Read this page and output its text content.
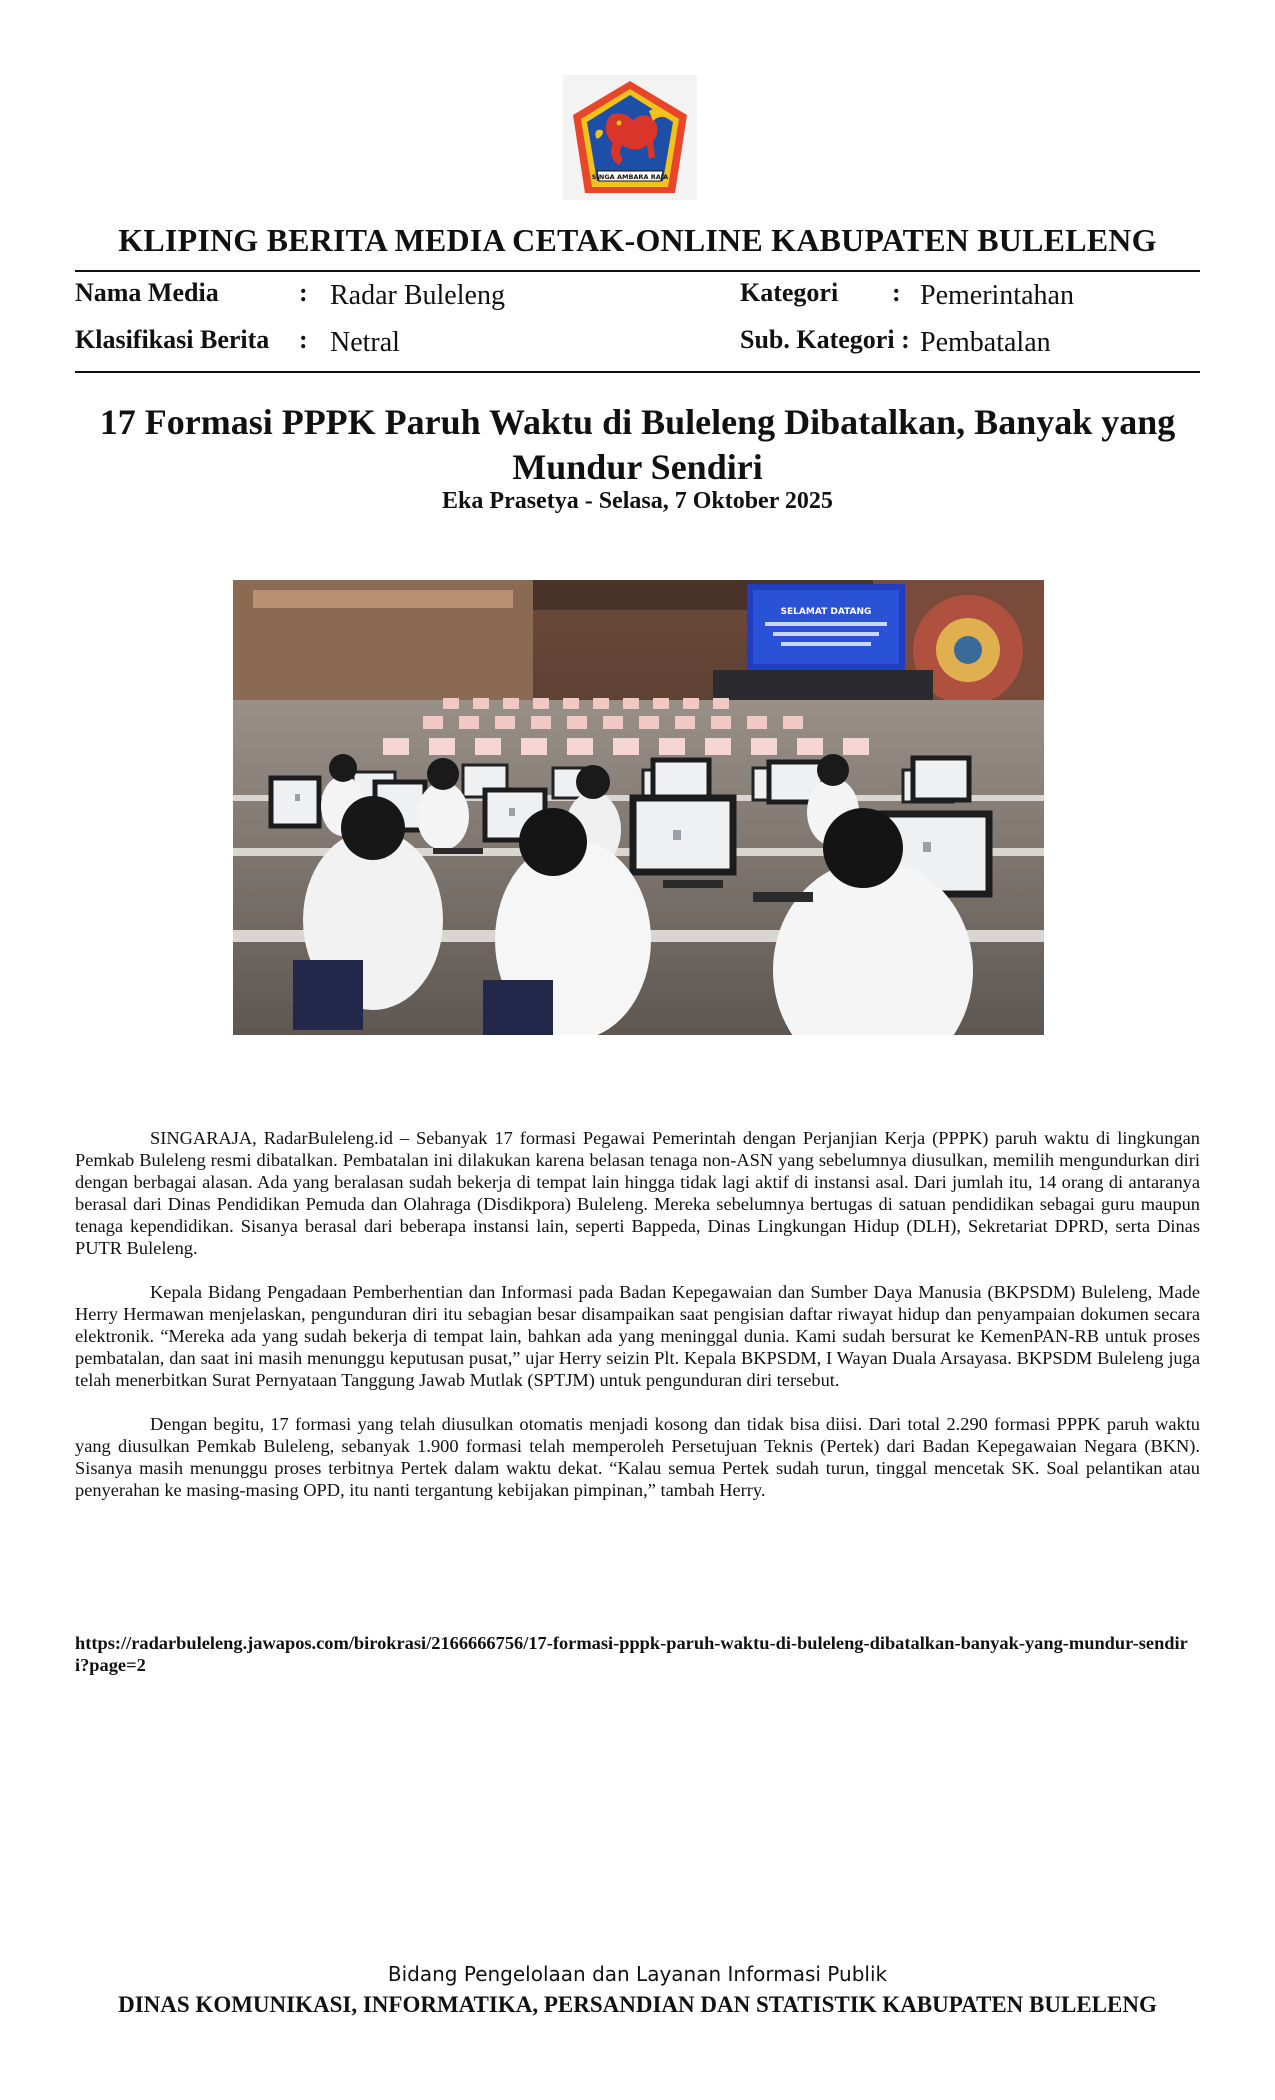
SINGA AMBARA RAJA
KLIPING BERITA MEDIA CETAK-ONLINE KABUPATEN BULELENG
Nama Media	: Radar Buleleng	Kategori : Pemerintahan
Klasifikasi Berita : Netral	Sub. Kategori : Pembatalan
17 Formasi PPPK Paruh Waktu di Buleleng Dibatalkan, Banyak yang Mundur Sendiri
Eka Prasetya - Selasa, 7 Oktober 2025
SELAMAT DATANG

SINGARAJA, RadarBuleleng.id – Sebanyak 17 formasi Pegawai Pemerintah dengan Perjanjian Kerja (PPPK) paruh waktu di lingkungan Pemkab Buleleng resmi dibatalkan. Pembatalan ini dilakukan karena belasan tenaga non-ASN yang sebelumnya diusulkan, memilih mengundurkan diri dengan berbagai alasan. Ada yang beralasan sudah bekerja di tempat lain hingga tidak lagi aktif di instansi asal. Dari jumlah itu, 14 orang di antaranya berasal dari Dinas Pendidikan Pemuda dan Olahraga (Disdikpora) Buleleng. Mereka sebelumnya bertugas di satuan pendidikan sebagai guru maupun tenaga kependidikan. Sisanya berasal dari beberapa instansi lain, seperti Bappeda, Dinas Lingkungan Hidup (DLH), Sekretariat DPRD, serta Dinas PUTR Buleleng.

Kepala Bidang Pengadaan Pemberhentian dan Informasi pada Badan Kepegawaian dan Sumber Daya Manusia (BKPSDM) Buleleng, Made Herry Hermawan menjelaskan, pengunduran diri itu sebagian besar disampaikan saat pengisian daftar riwayat hidup dan penyampaian dokumen secara elektronik. “Mereka ada yang sudah bekerja di tempat lain, bahkan ada yang meninggal dunia. Kami sudah bersurat ke KemenPAN-RB untuk proses pembatalan, dan saat ini masih menunggu keputusan pusat,” ujar Herry seizin Plt. Kepala BKPSDM, I Wayan Duala Arsayasa. BKPSDM Buleleng juga telah menerbitkan Surat Pernyataan Tanggung Jawab Mutlak (SPTJM) untuk pengunduran diri tersebut.

Dengan begitu, 17 formasi yang telah diusulkan otomatis menjadi kosong dan tidak bisa diisi. Dari total 2.290 formasi PPPK paruh waktu yang diusulkan Pemkab Buleleng, sebanyak 1.900 formasi telah memperoleh Persetujuan Teknis (Pertek) dari Badan Kepegawaian Negara (BKN). Sisanya masih menunggu proses terbitnya Pertek dalam waktu dekat. “Kalau semua Pertek sudah turun, tinggal mencetak SK. Soal pelantikan atau penyerahan ke masing-masing OPD, itu nanti tergantung kebijakan pimpinan,” tambah Herry.

https://radarbuleleng.jawapos.com/birokrasi/2166666756/17-formasi-pppk-paruh-waktu-di-buleleng-dibatalkan-banyak-yang-mundur-sendiri?page=2
Bidang Pengelolaan dan Layanan Informasi Publik
DINAS KOMUNIKASI, INFORMATIKA, PERSANDIAN DAN STATISTIK KABUPATEN BULELENG
